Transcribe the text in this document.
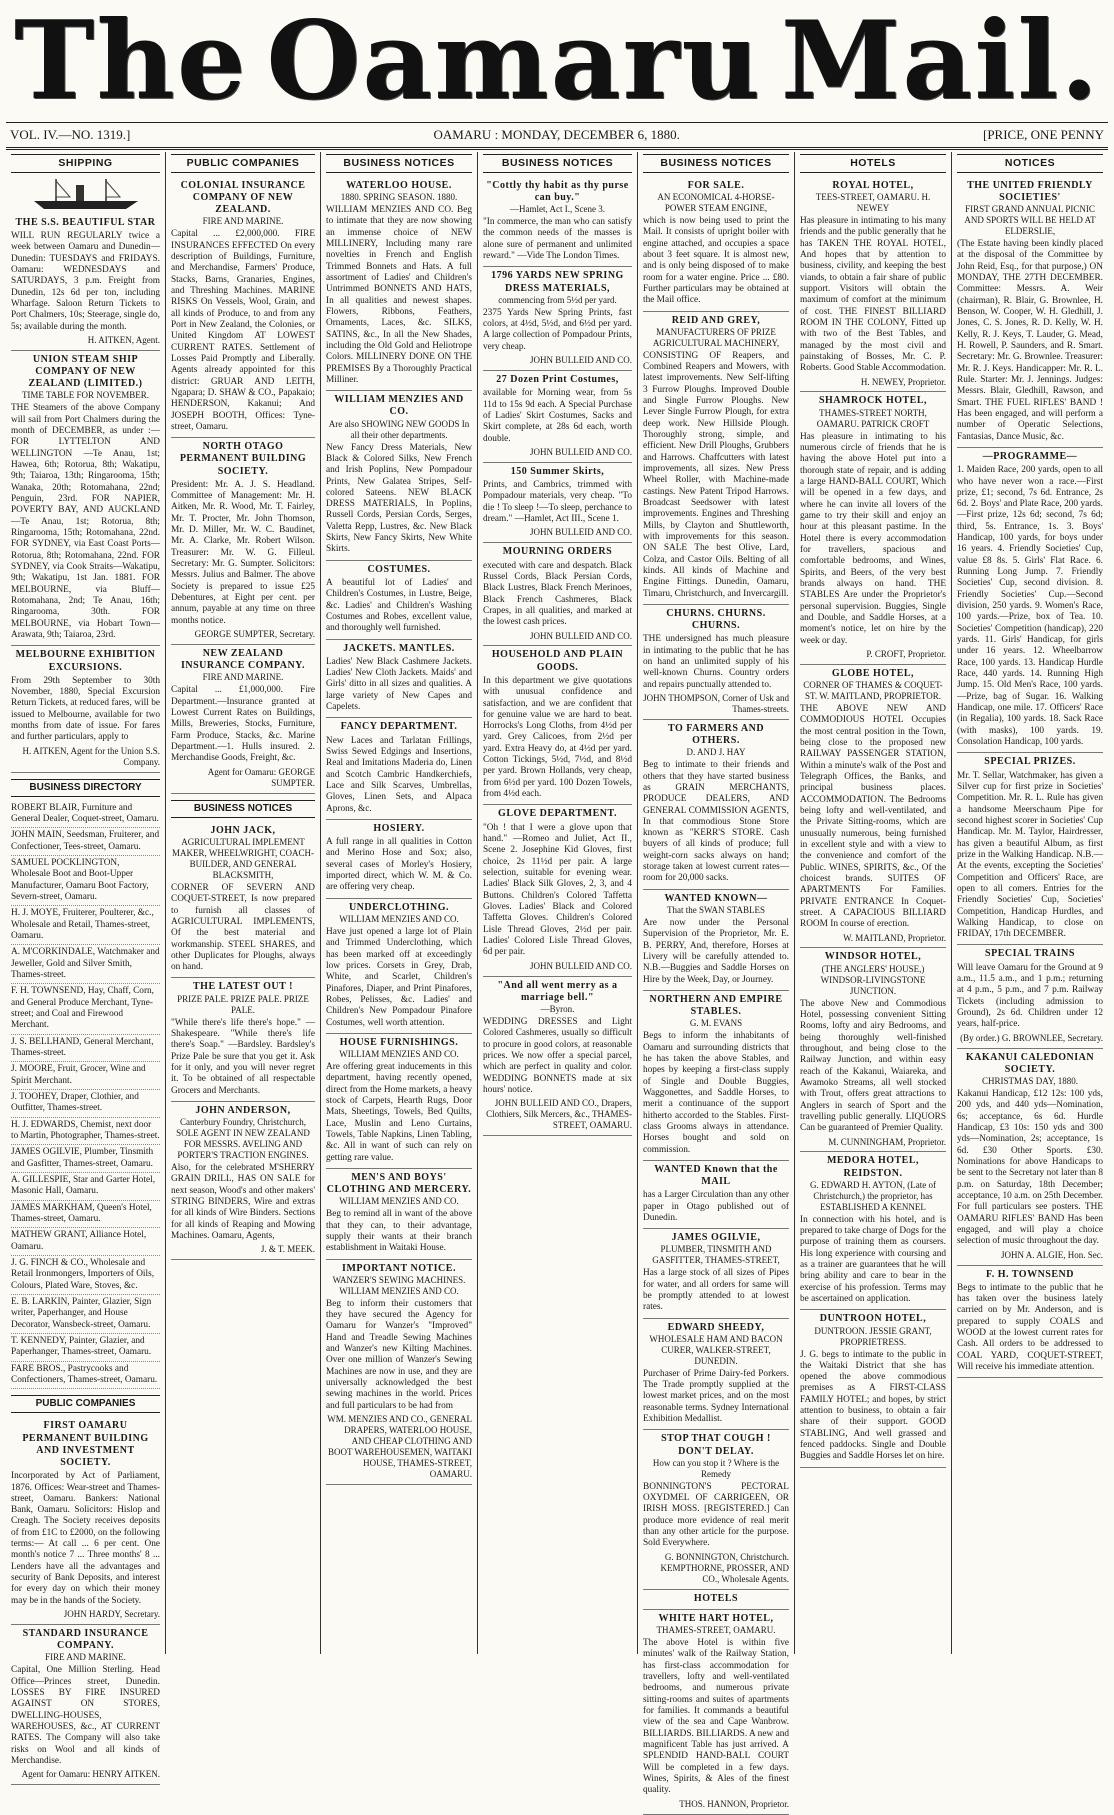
The Oamaru Mail.
VOL. IV.—NO. 1319.]	OAMARU : MONDAY, DECEMBER 6, 1880.	[PRICE, ONE PENNY
SHIPPING
THE S.S. BEAUTIFUL STAR
WILL RUN REGULARLY twice a week between Oamaru and Dunedin— Dunedin: TUESDAYS and FRIDAYS. Oamaru: WEDNESDAYS and SATURDAYS, 3 p.m. Freight from Dunedin, 12s 6d per ton, including Wharfage. Saloon Return Tickets to Port Chalmers, 10s; Steerage, single do, 5s; available during the month.
H. AITKEN, Agent.
UNION STEAM SHIP COMPANY OF NEW ZEALAND (LIMITED.)
TIME TABLE FOR NOVEMBER.
THE Steamers of the above Company will sail from Port Chalmers during the month of DECEMBER, as under :— FOR LYTTELTON AND WELLINGTON —Te Anau, 1st; Hawea, 6th; Rotorua, 8th; Wakatipu, 9th; Taiaroa, 13th; Ringarooma, 15th; Wanaka, 20th; Rotomahana, 22nd; Penguin, 23rd. FOR NAPIER, POVERTY BAY, AND AUCKLAND—Te Anau, 1st; Rotorua, 8th; Ringarooma, 15th; Rotomahana, 22nd. FOR SYDNEY, via East Coast Ports—Rotorua, 8th; Rotomahana, 22nd. FOR SYDNEY, via Cook Straits—Wakatipu, 9th; Wakatipu, 1st Jan. 1881. FOR MELBOURNE, via Bluff—Rotomahana, 2nd; Te Anau, 16th; Ringarooma, 30th. FOR MELBOURNE, via Hobart Town—Arawata, 9th; Taiaroa, 23rd.
MELBOURNE EXHIBITION EXCURSIONS.
From 29th September to 30th November, 1880, Special Excursion Return Tickets, at reduced fares, will be issued to Melbourne, available for two months from date of issue. For fares and further particulars, apply to
H. AITKEN, Agent for the Union S.S. Company.
BUSINESS DIRECTORY
ROBERT BLAIR, Furniture and General Dealer, Coquet-street, Oamaru.
JOHN MAIN, Seedsman, Fruiterer, and Confectioner, Tees-street, Oamaru.
SAMUEL POCKLINGTON, Wholesale Boot and Boot-Upper Manufacturer, Oamaru Boot Factory, Severn-street, Oamaru.
H. J. MOYE, Fruiterer, Poulterer, &c., Wholesale and Retail, Thames-street, Oamaru.
A. M'CORKINDALE, Watchmaker and Jeweller, Gold and Silver Smith, Thames-street.
F. H. TOWNSEND, Hay, Chaff, Corn, and General Produce Merchant, Tyne-street; and Coal and Firewood Merchant.
J. S. BELLHAND, General Merchant, Thames-street.
J. MOORE, Fruit, Grocer, Wine and Spirit Merchant.
J. TOOHEY, Draper, Clothier, and Outfitter, Thames-street.
H. J. EDWARDS, Chemist, next door to Martin, Photographer, Thames-street.
JAMES OGILVIE, Plumber, Tinsmith and Gasfitter, Thames-street, Oamaru.
A. GILLESPIE, Star and Garter Hotel, Masonic Hall, Oamaru.
JAMES MARKHAM, Queen's Hotel, Thames-street, Oamaru.
MATHEW GRANT, Alliance Hotel, Oamaru.
J. G. FINCH & CO., Wholesale and Retail Ironmongers, Importers of Oils, Colours, Plated Ware, Stoves, &c.
E. B. LARKIN, Painter, Glazier, Sign writer, Paperhanger, and House Decorator, Wansbeck-street, Oamaru.
T. KENNEDY, Painter, Glazier, and Paperhanger, Thames-street, Oamaru.
FARE BROS., Pastrycooks and Confectioners, Thames-street, Oamaru.
PUBLIC COMPANIES
FIRST OAMARU PERMANENT BUILDING AND INVESTMENT SOCIETY.
Incorporated by Act of Parliament, 1876. Offices: Wear-street and Thames-street, Oamaru. Bankers: National Bank, Oamaru. Solicitors: Hislop and Creagh. The Society receives deposits of from £1C to £2000, on the following terms:— At call ... 6 per cent. One month's notice 7 ... Three months' 8 ... Lenders have all the advantages and security of Bank Deposits, and interest for every day on which their money may be in the hands of the Society.
JOHN HARDY, Secretary.
STANDARD INSURANCE COMPANY.
FIRE AND MARINE.
Capital, One Million Sterling. Head Office—Princes street, Dunedin. LOSSES BY FIRE INSURED AGAINST ON STORES, DWELLING-HOUSES, WAREHOUSES, &c., AT CURRENT RATES. The Company will also take risks on Wool and all kinds of Merchandise.
Agent for Oamaru: HENRY AITKEN.
PUBLIC COMPANIES
COLONIAL INSURANCE COMPANY OF NEW ZEALAND.
FIRE AND MARINE.
Capital ... £2,000,000. FIRE INSURANCES EFFECTED On every description of Buildings, Furniture, and Merchandise, Farmers' Produce, Stacks, Barns, Granaries, Engines, and Threshing Machines. MARINE RISKS On Vessels, Wool, Grain, and all kinds of Produce, to and from any Port in New Zealand, the Colonies, or United Kingdom AT LOWEST CURRENT RATES. Settlement of Losses Paid Promptly and Liberally. Agents already appointed for this district: GRUAR AND LEITH, Ngapara; D. SHAW & CO., Papakaio; HENDERSON, Kakanui; And JOSEPH BOOTH, Offices: Tyne-street, Oamaru.
NORTH OTAGO PERMANENT BUILDING SOCIETY.
President: Mr. A. J. S. Headland. Committee of Management: Mr. H. Aitken, Mr. R. Wood, Mr. T. Fairley, Mr. T. Procter, Mr. John Thomson, Mr. D. Miller, Mr. W. C. Baudinet, Mr. A. Clarke, Mr. Robert Wilson. Treasurer: Mr. W. G. Filleul. Secretary: Mr. G. Sumpter. Solicitors: Messrs. Julius and Balmer. The above Society is prepared to issue £25 Debentures, at Eight per cent. per annum, payable at any time on three months notice.
GEORGE SUMPTER, Secretary.
NEW ZEALAND INSURANCE COMPANY.
FIRE AND MARINE.
Capital ... £1,000,000. Fire Department.—Insurance granted at Lowest Current Rates on Buildings, Mills, Breweries, Stocks, Furniture, Farm Produce, Stacks, &c. Marine Department.—1. Hulls insured. 2. Merchandise Goods, Freight, &c.
Agent for Oamaru: GEORGE SUMPTER.
BUSINESS NOTICES
JOHN JACK,
AGRICULTURAL IMPLEMENT MAKER, WHEELWRIGHT, COACH-BUILDER, AND GENERAL BLACKSMITH,
CORNER OF SEVERN AND COQUET-STREET, Is now prepared to furnish all classes of AGRICULTURAL IMPLEMENTS, Of the best material and workmanship. STEEL SHARES, and other Duplicates for Ploughs, always on hand.
THE LATEST OUT !
PRIZE PALE. PRIZE PALE. PRIZE PALE.
"While there's life there's hope." —Shakespeare. "While there's life there's Soap." —Bardsley. Bardsley's Prize Pale be sure that you get it. Ask for it only, and you will never regret it. To be obtained of all respectable Grocers and Merchants.
JOHN ANDERSON,
Canterbury Foundry, Christchurch, SOLE AGENT IN NEW ZEALAND FOR MESSRS. AVELING AND PORTER'S TRACTION ENGINES.
Also, for the celebrated M'SHERRY GRAIN DRILL, HAS ON SALE for next season, Wood's and other makers' STRING BINDERS, Wire and extras for all kinds of Wire Binders. Sections for all kinds of Reaping and Mowing Machines. Oamaru, Agents,
J. & T. MEEK.
BUSINESS NOTICES
WATERLOO HOUSE.
1880. SPRING SEASON. 1880.
WILLIAM MENZIES AND CO. Beg to intimate that they are now showing an immense choice of NEW MILLINERY, Including many rare novelties in French and English Trimmed Bonnets and Hats. A full assortment of Ladies' and Children's Untrimmed BONNETS AND HATS, In all qualities and newest shapes. Flowers, Ribbons, Feathers, Ornaments, Laces, &c. SILKS, SATINS, &c., In all the New Shades, including the Old Gold and Heliotrope Colors. MILLINERY DONE ON THE PREMISES By a Thoroughly Practical Milliner.
WILLIAM MENZIES AND CO.
Are also SHOWING NEW GOODS In all their other departments.
New Fancy Dress Materials, New Black & Colored Silks, New French and Irish Poplins, New Pompadour Prints, New Galatea Stripes, Self-colored Sateens. NEW BLACK DRESS MATERIALS, In Poplins, Russell Cords, Persian Cords, Serges, Valetta Repp, Lustres, &c. New Black Skirts, New Fancy Skirts, New White Skirts.
COSTUMES.
A beautiful lot of Ladies' and Children's Costumes, in Lustre, Beige, &c. Ladies' and Children's Washing Costumes and Robes, excellent value, and thoroughly well furnished.
JACKETS. MANTLES.
Ladies' New Black Cashmere Jackets. Ladies' New Cloth Jackets. Maids' and Girls' ditto in all sizes and qualities. A large variety of New Capes and Capelets.
FANCY DEPARTMENT.
New Laces and Tarlatan Frillings, Swiss Sewed Edgings and Insertions, Real and Imitations Maderia do, Linen and Scotch Cambric Handkerchiefs, Lace and Silk Scarves, Umbrellas, Gloves, Linen Sets, and Alpaca Aprons, &c.
HOSIERY.
A full range in all qualities in Cotton and Merino Hose and Sox; also, several cases of Morley's Hosiery, imported direct, which W. M. & Co. are offering very cheap.
UNDERCLOTHING.
WILLIAM MENZIES AND CO.
Have just opened a large lot of Plain and Trimmed Underclothing, which has been marked off at exceedingly low prices. Corsets in Grey, Drab, White, and Scarlet, Children's Pinafores, Diaper, and Print Pinafores, Robes, Pelisses, &c. Ladies' and Children's New Pompadour Pinafore Costumes, well worth attention.
HOUSE FURNISHINGS.
WILLIAM MENZIES AND CO.
Are offering great inducements in this department, having recently opened, direct from the Home markets, a heavy stock of Carpets, Hearth Rugs, Door Mats, Sheetings, Towels, Bed Quilts, Lace, Muslin and Leno Curtains, Towels, Table Napkins, Linen Tabling, &c. All in want of such can rely on getting rare value.
MEN'S AND BOYS' CLOTHING AND MERCERY.
WILLIAM MENZIES AND CO.
Beg to remind all in want of the above that they can, to their advantage, supply their wants at their branch establishment in Waitaki House.
IMPORTANT NOTICE.
WANZER'S SEWING MACHINES. WILLIAM MENZIES AND CO.
Beg to inform their customers that they have secured the Agency for Oamaru for Wanzer's "Improved" Hand and Treadle Sewing Machines and Wanzer's new Kilting Machines. Over one million of Wanzer's Sewing Machines are now in use, and they are universally acknowledged the best sewing machines in the world. Prices and full particulars to be had from
WM. MENZIES AND CO., GENERAL DRAPERS, WATERLOO HOUSE, AND CHEAP CLOTHING AND BOOT WAREHOUSEMEN, WAITAKI HOUSE, THAMES-STREET, OAMARU.
BUSINESS NOTICES
"Cottly thy habit as thy purse can buy."
—Hamlet, Act I., Scene 3.
"In commerce, the man who can satisfy the common needs of the masses is alone sure of permanent and unlimited reward." —Vide The London Times.
1796 YARDS NEW SPRING DRESS MATERIALS,
commencing from 5½d per yard.
2375 Yards New Spring Prints, fast colors, at 4½d, 5½d, and 6½d per yard. A large collection of Pompadour Prints, very cheap.
JOHN BULLEID AND CO.
27 Dozen Print Costumes,
available for Morning wear, from 5s 11d to 15s 9d each. A Special Purchase of Ladies' Skirt Costumes, Sacks and Skirt complete, at 28s 6d each, worth double.
JOHN BULLEID AND CO.
150 Summer Skirts,
Prints, and Cambrics, trimmed with Pompadour materials, very cheap. "To die ! To sleep !—To sleep, perchance to dream." —Hamlet, Act III., Scene 1.
JOHN BULLEID AND CO.
MOURNING ORDERS
executed with care and despatch. Black Russel Cords, Black Persian Cords, Black Lustres, Black French Merinoes, Black French Cashmeres, Black Crapes, in all qualities, and marked at the lowest cash prices.
JOHN BULLEID AND CO.
HOUSEHOLD AND PLAIN GOODS.
In this department we give quotations with unusual confidence and satisfaction, and we are confident that for genuine value we are hard to beat. Horrocks's Long Cloths, from 4½d per yard. Grey Calicoes, from 2½d per yard. Extra Heavy do, at 4½d per yard. Cotton Tickings, 5½d, 7½d, and 8½d per yard. Brown Hollands, very cheap, from 6½d per yard. 100 Dozen Towels, from 4½d each.
GLOVE DEPARTMENT.
"Oh ! that I were a glove upon that hand." —Romeo and Juliet, Act II., Scene 2. Josephine Kid Gloves, first choice, 2s 11½d per pair. A large selection, suitable for evening wear. Ladies' Black Silk Gloves, 2, 3, and 4 Buttons. Children's Colored Taffetta Gloves. Ladies' Black and Colored Taffetta Gloves. Children's Colored Lisle Thread Gloves, 2½d per pair. Ladies' Colored Lisle Thread Gloves, 6d per pair.
JOHN BULLEID AND CO.
"And all went merry as a marriage bell."
—Byron.
WEDDING DRESSES and Light Colored Cashmeres, usually so difficult to procure in good colors, at reasonable prices. We now offer a special parcel, which are perfect in quality and color. WEDDING BONNETS made at six hours' notice.
JOHN BULLEID AND CO., Drapers, Clothiers, Silk Mercers, &c., THAMES-STREET, OAMARU.
BUSINESS NOTICES
FOR SALE.
AN ECONOMICAL 4-HORSE-POWER STEAM ENGINE,
which is now being used to print the Mail. It consists of upright boiler with engine attached, and occupies a space about 3 feet square. It is almost new, and is only being disposed of to make room for a water engine. Price ... £80. Further particulars may be obtained at the Mail office.
REID AND GREY,
MANUFACTURERS OF PRIZE AGRICULTURAL MACHINERY,
CONSISTING OF Reapers, and Combined Reapers and Mowers, with latest improvements. New Self-lifting 3 Furrow Ploughs. Improved Double and Single Furrow Ploughs. New Lever Single Furrow Plough, for extra deep work. New Hillside Plough. Thoroughly strong, simple, and efficient. New Drill Ploughs, Grubbers and Harrows. Chaffcutters with latest improvements, all sizes. New Press Wheel Roller, with Machine-made castings. New Patent Tripod Harrows. Broadcast Seedsower with latest improvements. Engines and Threshing Mills, by Clayton and Shuttleworth, with improvements for this season. ON SALE The best Olive, Lard, Colza, and Castor Oils. Belting of all kinds. All kinds of Machine and Engine Fittings. Dunedin, Oamaru, Timaru, Christchurch, and Invercargill.
CHURNS. CHURNS. CHURNS.
THE undersigned has much pleasure in intimating to the public that he has on hand an unlimited supply of his well-known Churns. Country orders and repairs punctually attended to.
JOHN THOMPSON, Corner of Usk and Thames-streets.
TO FARMERS AND OTHERS.
D. AND J. HAY
Beg to intimate to their friends and others that they have started business as GRAIN MERCHANTS, PRODUCE DEALERS, AND GENERAL COMMISSION AGENTS, In that commodious Stone Store known as "KERR'S STORE. Cash buyers of all kinds of produce; full weight-corn sacks always on hand; storage taken at lowest current rates—room for 20,000 sacks.
WANTED KNOWN—
That the SWAN STABLES
Are now under the Personal Supervision of the Proprietor, Mr. E. B. PERRY, And, therefore, Horses at Livery will be carefully attended to. N.B.—Buggies and Saddle Horses on Hire by the Week, Day, or Journey.
NORTHERN AND EMPIRE STABLES.
G. M. EVANS
Begs to inform the inhabitants of Oamaru and surrounding districts that he has taken the above Stables, and hopes by keeping a first-class supply of Single and Double Buggies, Waggonettes, and Saddle Horses, to merit a continuance of the support hitherto accorded to the Stables. First-class Grooms always in attendance. Horses bought and sold on commission.
WANTED Known that the MAIL
has a Larger Circulation than any other paper in Otago published out of Dunedin.
JAMES OGILVIE,
PLUMBER, TINSMITH AND GASFITTER, THAMES-STREET,
Has a large stock of all sizes of Pipes for water, and all orders for same will be promptly attended to at lowest rates.
EDWARD SHEEDY,
WHOLESALE HAM AND BACON CURER, WALKER-STREET, DUNEDIN.
Purchaser of Prime Dairy-fed Porkers. The Trade promptly supplied at the lowest market prices, and on the most reasonable terms. Sydney International Exhibition Medallist.
STOP THAT COUGH ! DON'T DELAY.
How can you stop it ? Where is the Remedy
BONNINGTON'S PECTORAL OXYDMEL OF CARRIGEEN, OR IRISH MOSS. [REGISTERED.] Can produce more evidence of real merit than any other article for the purpose. Sold Everywhere.
G. BONNINGTON, Christchurch. KEMPTHORNE, PROSSER, AND CO., Wholesale Agents.
HOTELS
WHITE HART HOTEL,
THAMES-STREET, OAMARU.
The above Hotel is within five minutes' walk of the Railway Station, has first-class accommodation for travellers, lofty and well-ventilated bedrooms, and numerous private sitting-rooms and suites of apartments for families. It commands a beautiful view of the sea and Cape Wanbrow. BILLIARDS. BILLIARDS. A new and magnificent Table has just arrived. A SPLENDID HAND-BALL COURT Will be completed in a few days. Wines, Spirits, & Ales of the finest quality.
THOS. HANNON, Proprietor.
HOTELS
ROYAL HOTEL,
TEES-STREET, OAMARU. H. NEWEY
Has pleasure in intimating to his many friends and the public generally that he has TAKEN THE ROYAL HOTEL, And hopes that by attention to business, civility, and keeping the best viands, to obtain a fair share of public support. Visitors will obtain the maximum of comfort at the minimum of cost. THE FINEST BILLIARD ROOM IN THE COLONY, Fitted up with two of the Best Tables, and managed by the most civil and painstaking of Bosses, Mr. C. P. Roberts. Good Stable Accommodation.
H. NEWEY, Proprietor.
SHAMROCK HOTEL,
THAMES-STREET NORTH, OAMARU. PATRICK CROFT
Has pleasure in intimating to his numerous circle of friends that he is having the above Hotel put into a thorough state of repair, and is adding a large HAND-BALL COURT, Which will be opened in a few days, and where he can invite all lovers of the game to try their skill and enjoy an hour at this pleasant pastime. In the Hotel there is every accommodation for travellers, spacious and comfortable bedrooms, and Wines, Spirits, and Beers, of the very best brands always on hand. THE STABLES Are under the Proprietor's personal supervision. Buggies, Single and Double, and Saddle Horses, at a moment's notice, let on hire by the week or day.
P. CROFT, Proprietor.
GLOBE HOTEL,
CORNER OF THAMES & COQUET-ST. W. MAITLAND, PROPRIETOR.
THE ABOVE NEW AND COMMODIOUS HOTEL Occupies the most central position in the Town, being close to the proposed new RAILWAY PASSENGER STATION, Within a minute's walk of the Post and Telegraph Offices, the Banks, and principal business places. ACCOMMODATION. The Bedrooms being lofty and well-ventilated, and the Private Sitting-rooms, which are unusually numerous, being furnished in excellent style and with a view to the convenience and comfort of the Public. WINES, SPIRITS, &c., Of the choicest brands. SUITES OF APARTMENTS For Families. PRIVATE ENTRANCE In Coquet-street. A CAPACIOUS BILLIARD ROOM In course of erection.
W. MAITLAND, Proprietor.
WINDSOR HOTEL,
(THE ANGLERS' HOUSE,) WINDSOR-LIVINGSTONE JUNCTION.
The above New and Commodious Hotel, possessing convenient Sitting Rooms, lofty and airy Bedrooms, and being thoroughly well-finished throughout, and being close to the Railway Junction, and within easy reach of the Kakanui, Waiareka, and Awamoko Streams, all well stocked with Trout, offers great attractions to Anglers in search of Sport and the travelling public generally. LIQUORS Can be guaranteed of Premier Quality.
M. CUNNINGHAM, Proprietor.
MEDORA HOTEL, REIDSTON.
G. EDWARD H. AYTON, (Late of Christchurch,) the proprietor, has ESTABLISHED A KENNEL
In connection with his hotel, and is prepared to take charge of Dogs for the purpose of training them as coursers. His long experience with coursing and as a trainer are guarantees that he will bring ability and care to bear in the exercise of his profession. Terms may be ascertained on application.
DUNTROON HOTEL,
DUNTROON. JESSIE GRANT, PROPRIETRESS.
J. G. begs to intimate to the public in the Waitaki District that she has opened the above commodious premises as A FIRST-CLASS FAMILY HOTEL; and hopes, by strict attention to business, to obtain a fair share of their support. GOOD STABLING, And well grassed and fenced paddocks. Single and Double Buggies and Saddle Horses let on hire.
NOTICES
THE UNITED FRIENDLY SOCIETIES'
FIRST GRAND ANNUAL PICNIC AND SPORTS WILL BE HELD AT ELDERSLIE,
(The Estate having been kindly placed at the disposal of the Committee by John Reid, Esq., for that purpose,) ON MONDAY, THE 27TH DECEMBER. Committee: Messrs. A. Weir (chairman), R. Blair, G. Brownlee, H. Benson, W. Cooper, W. H. Gledhill, J. Jones, C. S. Jones, R. D. Kelly, W. H. Kelly, R. J. Keys, T. Lauder, G. Mead, H. Rowell, P. Saunders, and R. Smart. Secretary: Mr. G. Brownlee. Treasurer: Mr. R. J. Keys. Handicapper: Mr. R. L. Rule. Starter: Mr. J. Jennings. Judges: Messrs. Blair, Gledhill, Rawson, and Smart. THE FUEL RIFLES' BAND ! Has been engaged, and will perform a number of Operatic Selections, Fantasias, Dance Music, &c.
—PROGRAMME—
1. Maiden Race, 200 yards, open to all who have never won a race.—First prize, £1; second, 7s 6d. Entrance, 2s 6d. 2. Boys' and Plate Race, 200 yards.—First prize, 12s 6d; second, 7s 6d; third, 5s. Entrance, 1s. 3. Boys' Handicap, 100 yards, for boys under 16 years. 4. Friendly Societies' Cup, value £8 8s. 5. Girls' Flat Race. 6. Running Long Jump. 7. Friendly Societies' Cup, second division. 8. Friendly Societies' Cup.—Second division, 250 yards. 9. Women's Race, 100 yards.—Prize, box of Tea. 10. Societies' Competition (handicap), 220 yards. 11. Girls' Handicap, for girls under 16 years. 12. Wheelbarrow Race, 100 yards. 13. Handicap Hurdle Race, 440 yards. 14. Running High Jump. 15. Old Men's Race, 100 yards.—Prize, bag of Sugar. 16. Walking Handicap, one mile. 17. Officers' Race (in Regalia), 100 yards. 18. Sack Race (with masks), 100 yards. 19. Consolation Handicap, 100 yards.
SPECIAL PRIZES.
Mr. T. Sellar, Watchmaker, has given a Silver cup for first prize in Societies' Competition. Mr. R. L. Rule has given a handsome Meerschaum Pipe for second highest scorer in Societies' Cup Handicap. Mr. M. Taylor, Hairdresser, has given a beautiful Album, as first prize in the Walking Handicap. N.B.—At the events, excepting the Societies' Competition and Officers' Race, are open to all comers. Entries for the Friendly Societies' Cup, Societies' Competition, Handicap Hurdles, and Walking Handicap, to close on FRIDAY, 17th DECEMBER.
SPECIAL TRAINS
Will leave Oamaru for the Ground at 9 a.m., 11.5 a.m., and 1 p.m.; returning at 4 p.m., 5 p.m., and 7 p.m. Railway Tickets (including admission to Ground), 2s 6d. Children under 12 years, half-price.
(By order.) G. BROWNLEE, Secretary.
KAKANUI CALEDONIAN SOCIETY.
CHRISTMAS DAY, 1880.
Kakanui Handicap, £12 12s: 100 yds, 200 yds, and 440 yds—Nomination, 6s; acceptance, 6s 6d. Hurdle Handicap, £3 10s: 150 yds and 300 yds—Nomination, 2s; acceptance, 1s 6d. £30 Other Sports. £30. Nominations for above Handicaps to be sent to the Secretary not later than 8 p.m. on Saturday, 18th December; acceptance, 10 a.m. on 25th December. For full particulars see posters. THE OAMARU RIFLES' BAND Has been engaged, and will play a choice selection of music throughout the day.
JOHN A. ALGIE, Hon. Sec.
F. H. TOWNSEND
Begs to intimate to the public that he has taken over the business lately carried on by Mr. Anderson, and is prepared to supply COALS and WOOD at the lowest current rates for Cash. All orders to be addressed to COAL YARD, COQUET-STREET, Will receive his immediate attention.
